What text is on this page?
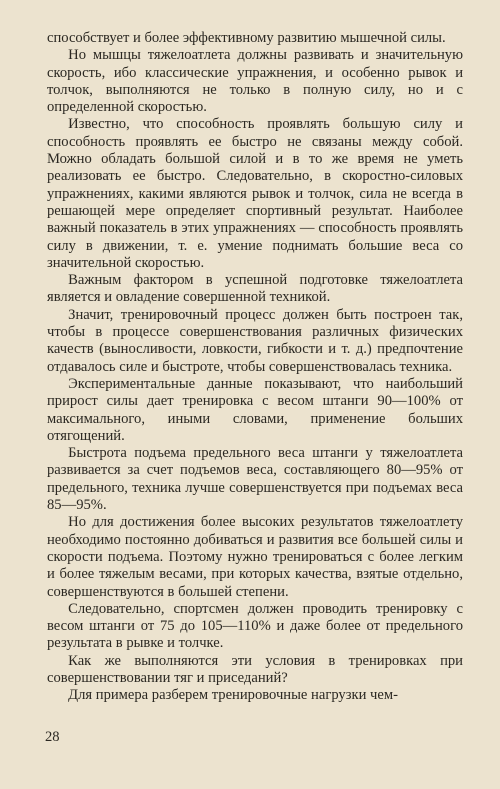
способствует и более эффективному развитию мышечной силы.

Но мышцы тяжелоатлета должны развивать и значительную скорость, ибо классические упражнения, и особенно рывок и толчок, выполняются не только в полную силу, но и с определенной скоростью.

Известно, что способность проявлять большую силу и способность проявлять ее быстро не связаны между собой. Можно обладать большой силой и в то же время не уметь реализовать ее быстро. Следовательно, в скоростно-силовых упражнениях, какими являются рывок и толчок, сила не всегда в решающей мере определяет спортивный результат. Наиболее важный показатель в этих упражнениях — способность проявлять силу в движении, т. е. умение поднимать большие веса со значительной скоростью.

Важным фактором в успешной подготовке тяжелоатлета является и овладение совершенной техникой.

Значит, тренировочный процесс должен быть построен так, чтобы в процессе совершенствования различных физических качеств (выносливости, ловкости, гибкости и т. д.) предпочтение отдавалось силе и быстроте, чтобы совершенствовалась техника.

Экспериментальные данные показывают, что наибольший прирост силы дает тренировка с весом штанги 90—100% от максимального, иными словами, применение больших отягощений.

Быстрота подъема предельного веса штанги у тяжелоатлета развивается за счет подъемов веса, составляющего 80—95% от предельного, техника лучше совершенствуется при подъемах веса 85—95%.

Но для достижения более высоких результатов тяжелоатлету необходимо постоянно добиваться и развития все большей силы и скорости подъема. Поэтому нужно тренироваться с более легким и более тяжелым весами, при которых качества, взятые отдельно, совершенствуются в большей степени.

Следовательно, спортсмен должен проводить тренировку с весом штанги от 75 до 105—110% и даже более от предельного результата в рывке и толчке.

Как же выполняются эти условия в тренировках при совершенствовании тяг и приседаний?

Для примера разберем тренировочные нагрузки чем-

28
